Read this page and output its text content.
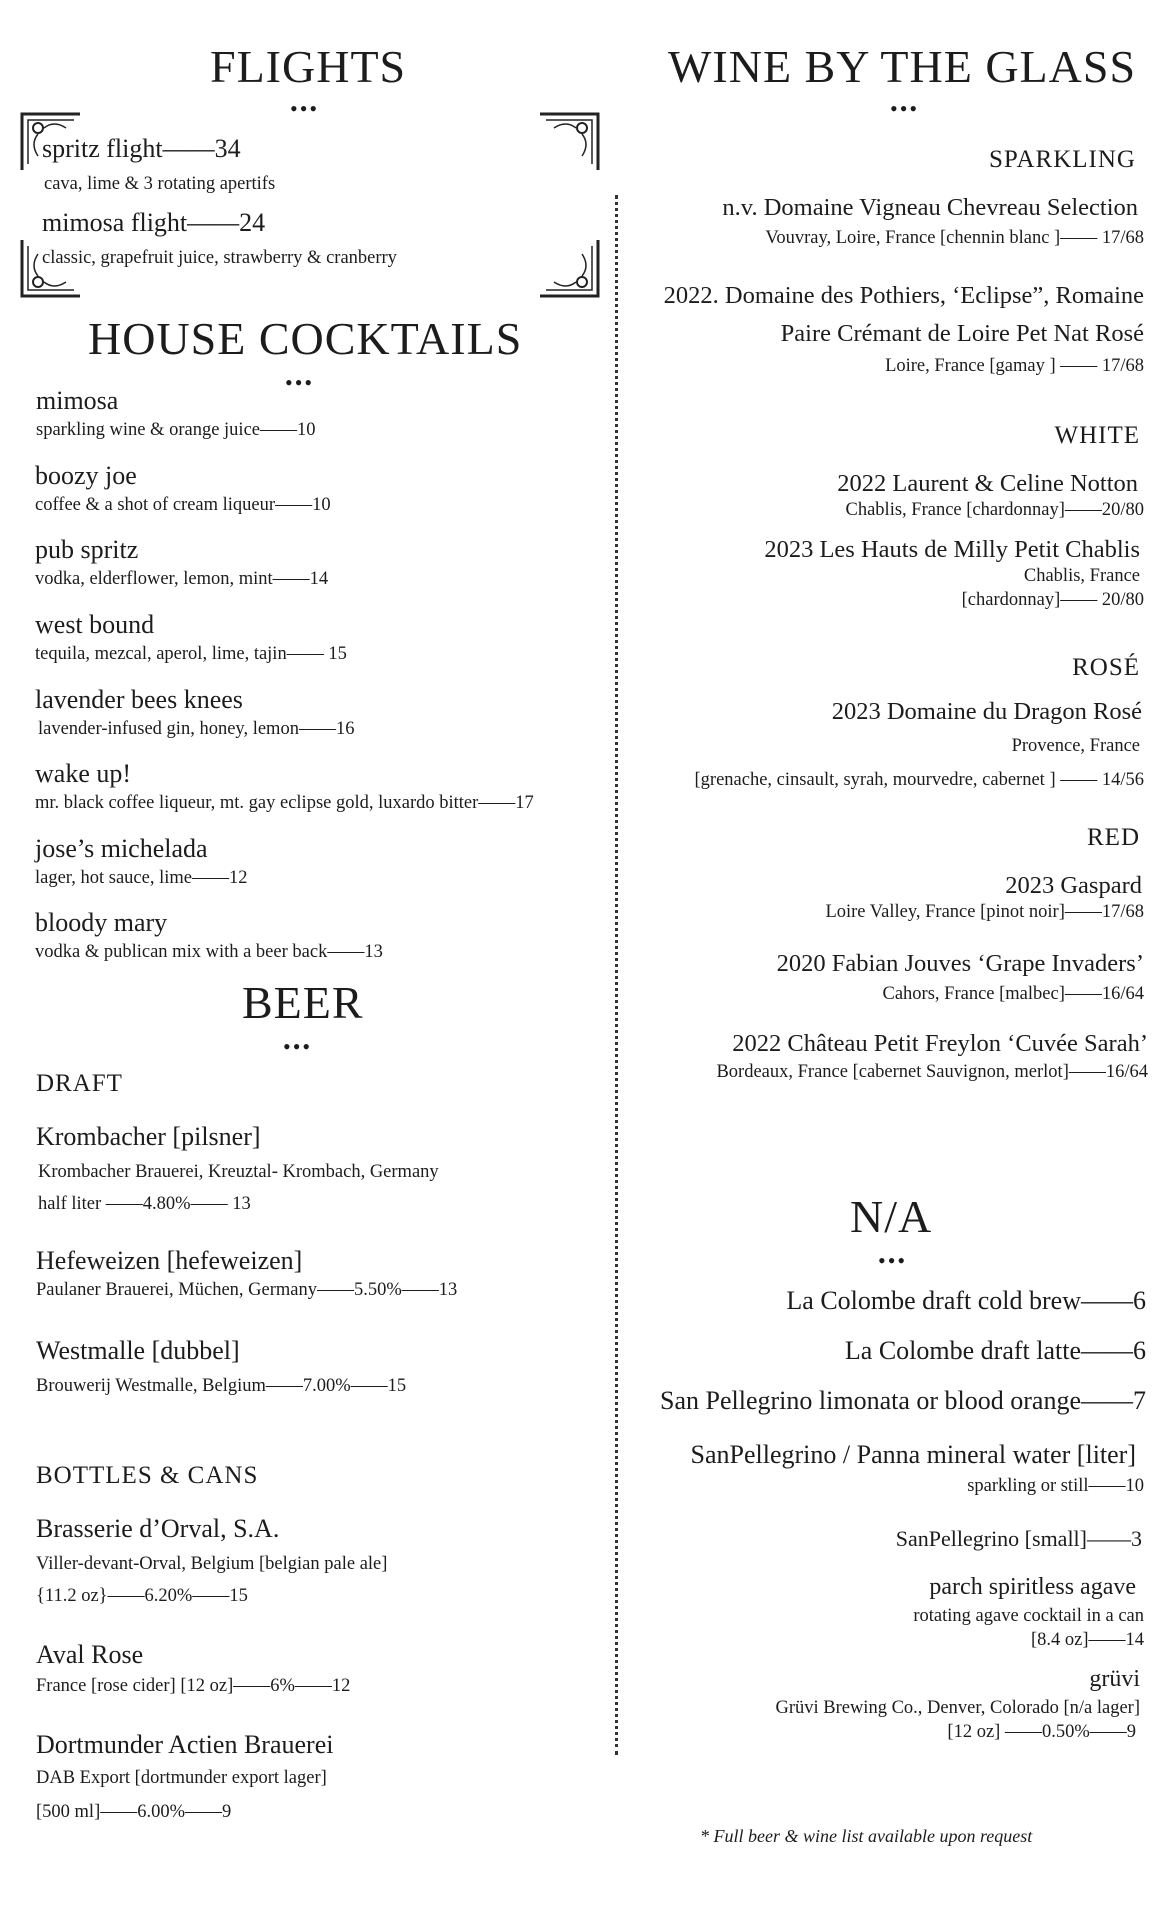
FLIGHTS
•••
spritz flight——34
cava, lime & 3 rotating apertifs
mimosa flight——24
classic, grapefruit juice, strawberry & cranberry
HOUSE COCKTAILS
•••
mimosa
sparkling wine & orange juice——10
boozy joe
coffee & a shot of cream liqueur——10
pub spritz
vodka, elderflower, lemon, mint——14
west bound
tequila, mezcal, aperol, lime, tajin—— 15
lavender bees knees
lavender-infused gin, honey, lemon——16
wake up!
mr. black coffee liqueur, mt. gay eclipse gold, luxardo bitter——17
jose’s michelada
lager, hot sauce, lime——12
bloody mary
vodka & publican mix with a beer back——13
BEER
•••
DRAFT
Krombacher [pilsner]
Krombacher Brauerei, Kreuztal- Krombach, Germany
half liter ——4.80%—— 13
Hefeweizen [hefeweizen]
Paulaner Brauerei, Müchen, Germany——5.50%——13
Westmalle [dubbel]
Brouwerij Westmalle, Belgium——7.00%——15
BOTTLES & CANS
Brasserie d’Orval, S.A.
Viller-devant-Orval, Belgium [belgian pale ale]
{11.2 oz}——6.20%——15
Aval Rose
France [rose cider] [12 oz]——6%——12
Dortmunder Actien Brauerei
DAB Export [dortmunder export lager]
[500 ml]——6.00%——9
WINE BY THE GLASS
•••
SPARKLING
n.v. Domaine Vigneau Chevreau Selection
Vouvray, Loire, France [chennin blanc ]—— 17/68
2022. Domaine des Pothiers, ‘Eclipse”, Romaine
Paire Crémant de Loire Pet Nat Rosé
Loire, France [gamay ] —— 17/68
WHITE
2022 Laurent & Celine Notton
Chablis, France [chardonnay]——20/80
2023 Les Hauts de Milly Petit Chablis
Chablis, France
[chardonnay]—— 20/80
ROSÉ
2023 Domaine du Dragon Rosé
Provence, France
[grenache, cinsault, syrah, mourvedre, cabernet ] —— 14/56
RED
2023 Gaspard
Loire Valley, France [pinot noir]——17/68
2020 Fabian Jouves ‘Grape Invaders’
Cahors, France [malbec]——16/64
2022 Château Petit Freylon ‘Cuvée Sarah’
Bordeaux, France [cabernet Sauvignon, merlot]——16/64
N/A
•••
La Colombe draft cold brew——6
La Colombe draft latte——6
San Pellegrino limonata or blood orange——7
SanPellegrino / Panna mineral water [liter]
sparkling or still——10
SanPellegrino [small]——3
parch spiritless agave
rotating agave cocktail in a can
[8.4 oz]——14
grüvi
Grüvi Brewing Co., Denver, Colorado [n/a lager]
[12 oz] ——0.50%——9
* Full beer & wine list available upon request
